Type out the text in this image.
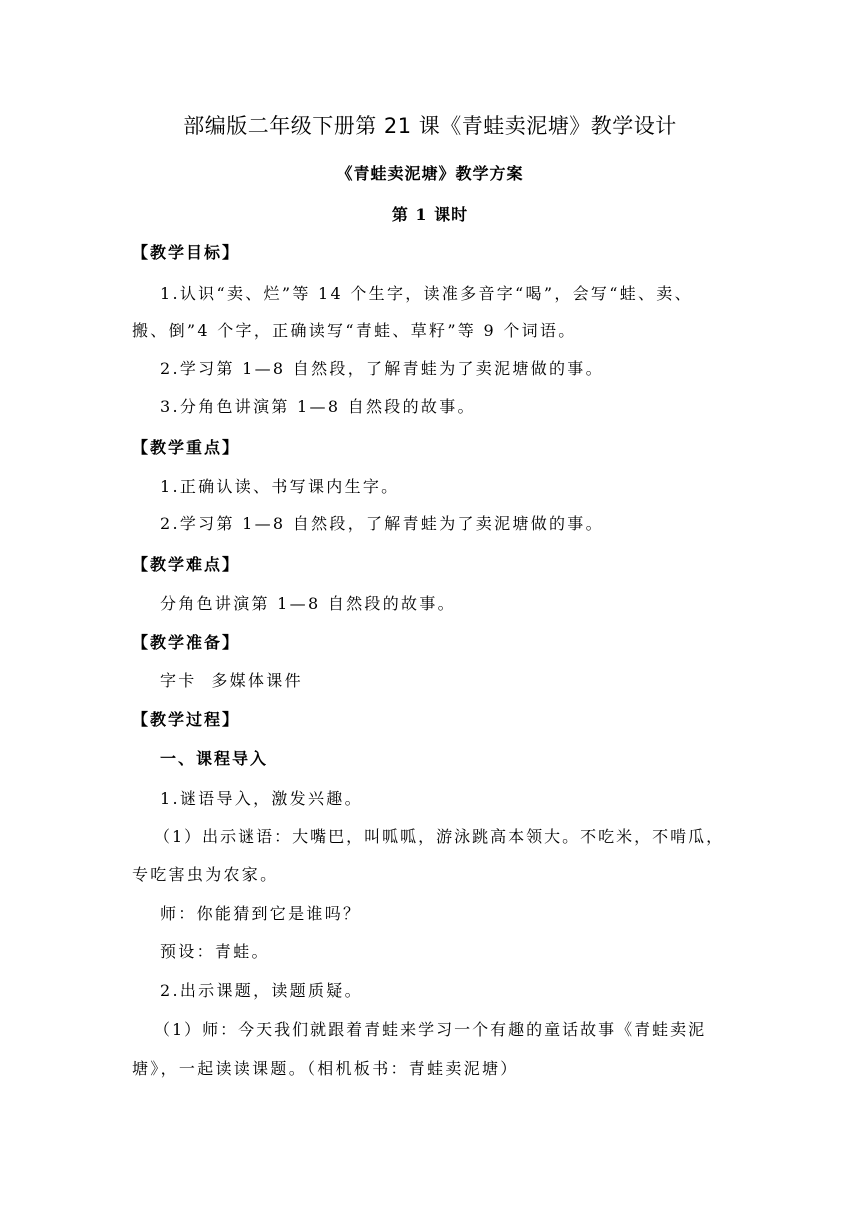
部编版二年级下册第 21 课《青蛙卖泥塘》教学设计
《青蛙卖泥塘》教学方案
第 1 课时
【教学目标】
1.认识“卖、烂”等 14 个生字，读准多音字“喝”，会写“蛙、卖、
搬、倒”4 个字，正确读写“青蛙、草籽”等 9 个词语。
2.学习第 1—8 自然段，了解青蛙为了卖泥塘做的事。
3.分角色讲演第 1—8 自然段的故事。
【教学重点】
1.正确认读、书写课内生字。
2.学习第 1—8 自然段，了解青蛙为了卖泥塘做的事。
【教学难点】
分角色讲演第 1—8 自然段的故事。
【教学准备】
字卡  多媒体课件
【教学过程】
一、课程导入
1.谜语导入，激发兴趣。
（1）出示谜语：大嘴巴，叫呱呱，游泳跳高本领大。不吃米，不啃瓜，
专吃害虫为农家。
师：你能猜到它是谁吗？
预设：青蛙。
2.出示课题，读题质疑。
（1）师：今天我们就跟着青蛙来学习一个有趣的童话故事《青蛙卖泥
塘》，一起读读课题。（相机板书：青蛙卖泥塘）
